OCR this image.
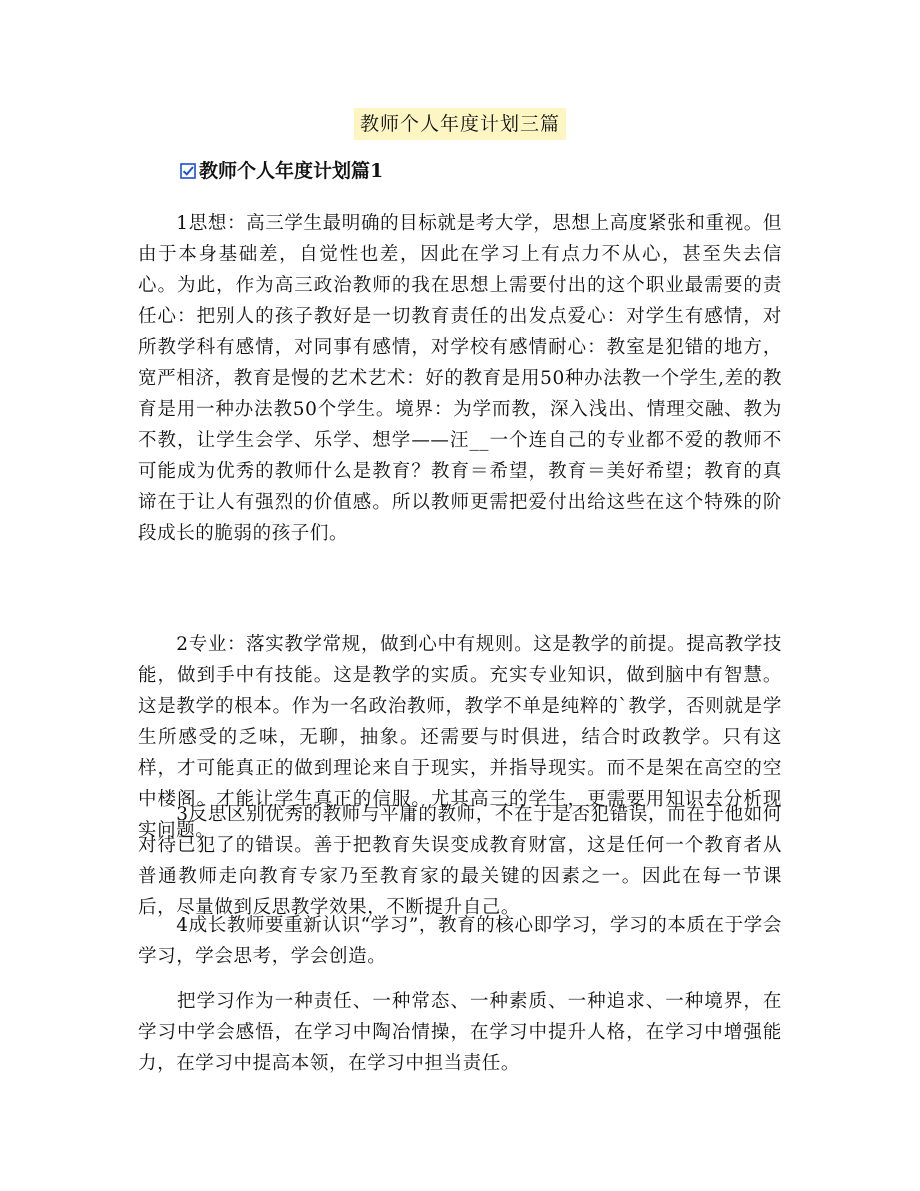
教师个人年度计划三篇
教师个人年度计划篇1

　　1思想：高三学生最明确的目标就是考大学，思想上高度紧张和重视。但由于本身基础差，自觉性也差，因此在学习上有点力不从心，甚至失去信心。为此，作为高三政治教师的我在思想上需要付出的这个职业最需要的责任心：把别人的孩子教好是一切教育责任的出发点爱心：对学生有感情，对所教学科有感情，对同事有感情，对学校有感情耐心：教室是犯错的地方，宽严相济，教育是慢的艺术艺术：好的教育是用50种办法教一个学生,差的教育是用一种办法教50个学生。境界：为学而教，深入浅出、情理交融、教为不教，让学生会学、乐学、想学——汪__一个连自己的专业都不爱的教师不可能成为优秀的教师什么是教育？教育＝希望，教育＝美好希望；教育的真谛在于让人有强烈的价值感。所以教师更需把爱付出给这些在这个特殊的阶段成长的脆弱的孩子们。

　　2专业：落实教学常规，做到心中有规则。这是教学的前提。提高教学技能，做到手中有技能。这是教学的实质。充实专业知识，做到脑中有智慧。这是教学的根本。作为一名政治教师，教学不单是纯粹的`教学，否则就是学生所感受的乏味，无聊，抽象。还需要与时俱进，结合时政教学。只有这样，才可能真正的做到理论来自于现实，并指导现实。而不是架在高空的空中楼阁。才能让学生真正的信服。尤其高三的学生，更需要用知识去分析现实问题。

　　3反思区别优秀的教师与平庸的教师，不在于是否犯错误，而在于他如何对待已犯了的错误。善于把教育失误变成教育财富，这是任何一个教育者从普通教师走向教育专家乃至教育家的最关键的因素之一。因此在每一节课后，尽量做到反思教学效果，不断提升自己。

　　4成长教师要重新认识“学习”，教育的核心即学习，学习的本质在于学会学习，学会思考，学会创造。

　　把学习作为一种责任、一种常态、一种素质、一种追求、一种境界，在学习中学会感悟，在学习中陶冶情操，在学习中提升人格，在学习中增强能力，在学习中提高本领，在学习中担当责任。
